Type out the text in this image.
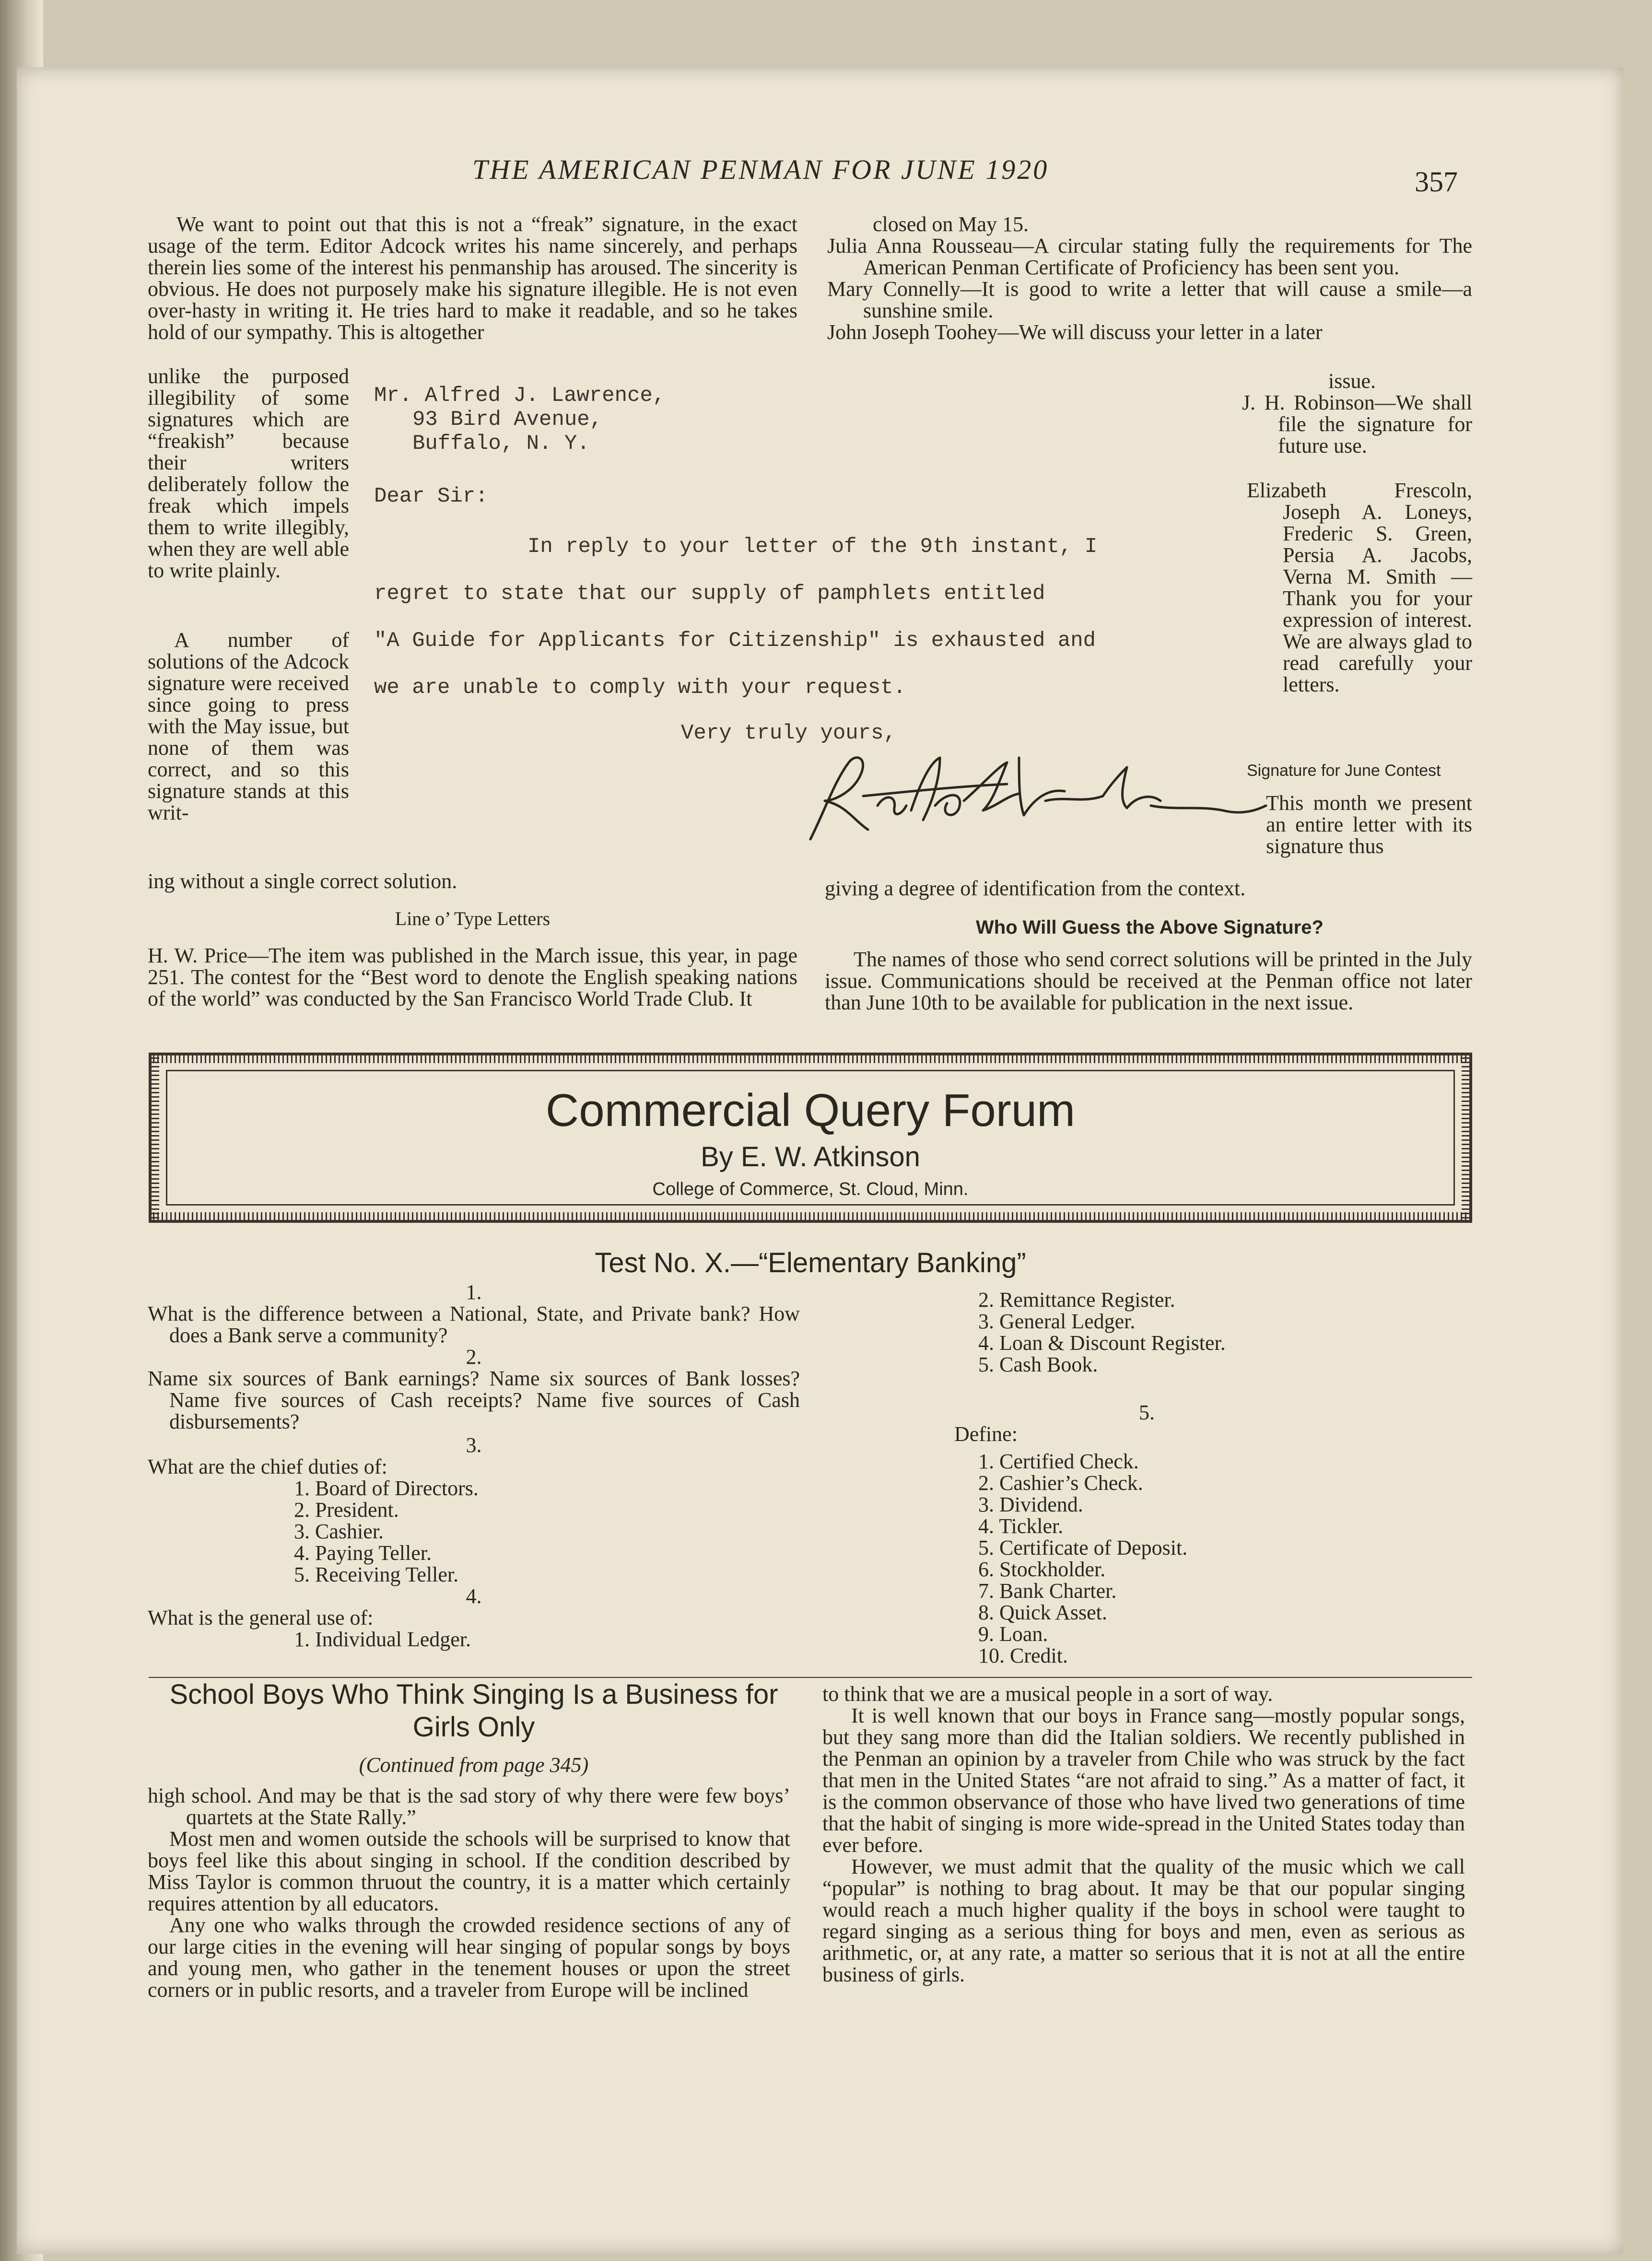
THE AMERICAN PENMAN FOR JUNE 1920	357

We want to point out that this is not a “freak” signature, in the exact usage of the term. Editor Adcock writes his name sincerely, and perhaps therein lies some of the interest his penmanship has aroused. The sincerity is obvious. He does not purposely make his signature illegible. He is not even over-hasty in writing it. He tries hard to make it readable, and so he takes hold of our sympathy. This is altogether

unlike the purposed illegibility of some signatures which are “freakish” because their writers deliberately follow the freak which impels them to write illegibly, when they are well able to write plainly.

A number of solutions of the Adcock signature were received since going to press with the May issue, but none of them was correct, and so this signature stands at this writ-

ing without a single correct solution.

Mr. Alfred J. Lawrence,
93 Bird Avenue,
Buffalo, N. Y.
Dear Sir:
In reply to your letter of the 9th instant, I
regret to state that our supply of pamphlets entitled
"A Guide for Applicants for Citizenship" is exhausted and
we are unable to comply with your request.
Very truly yours,
Line o’ Type Letters

H. W. Price—The item was published in the March issue, this year, in page 251. The contest for the “Best word to denote the English speaking nations of the world” was conducted by the San Francisco World Trade Club. It

closed on May 15.

Julia Anna Rousseau—A circular stating fully the requirements for The American Penman Certificate of Proficiency has been sent you.

Mary Connelly—It is good to write a letter that will cause a smile—a sunshine smile.

John Joseph Toohey—We will discuss your letter in a later

issue.

J. H. Robinson—We shall file the signature for future use.

Elizabeth Frescoln, Joseph A. Loneys, Frederic S. Green, Persia A. Jacobs, Verna M. Smith — Thank you for your expression of interest. We are always glad to read carefully your letters.

Signature for June Contest

This month we present an entire letter with its signature thus

giving a degree of identification from the context.

Who Will Guess the Above Signature?

The names of those who send correct solutions will be printed in the July issue. Communications should be received at the Penman office not later than June 10th to be available for publication in the next issue.

Commercial Query Forum
By E. W. Atkinson
College of Commerce, St. Cloud, Minn.
Test No. X.—“Elementary Banking”
1.

What is the difference between a National, State, and Private bank? How does a Bank serve a community?

2.

Name six sources of Bank earnings? Name six sources of Bank losses? Name five sources of Cash receipts? Name five sources of Cash disbursements?

3.

What are the chief duties of:

1. Board of Directors.
2. President.
3. Cashier.
4. Paying Teller.
5. Receiving Teller.
4.

What is the general use of:

1. Individual Ledger.
2. Remittance Register.
3. General Ledger.
4. Loan & Discount Register.
5. Cash Book.
5.

Define:

1. Certified Check.
2. Cashier’s Check.
3. Dividend.
4. Tickler.
5. Certificate of Deposit.
6. Stockholder.
7. Bank Charter.
8. Quick Asset.
9. Loan.
10. Credit.
School Boys Who Think Singing Is a Business for Girls Only
(Continued from page 345)

high school. And may be that is the sad story of why there were few boys’ quartets at the State Rally.”

Most men and women outside the schools will be surprised to know that boys feel like this about singing in school. If the condition described by Miss Taylor is common thruout the country, it is a matter which certainly requires attention by all educators.

Any one who walks through the crowded residence sections of any of our large cities in the evening will hear singing of popular songs by boys and young men, who gather in the tenement houses or upon the street corners or in public resorts, and a traveler from Europe will be inclined

to think that we are a musical people in a sort of way.

It is well known that our boys in France sang—mostly popular songs, but they sang more than did the Italian soldiers. We recently published in the Penman an opinion by a traveler from Chile who was struck by the fact that men in the United States “are not afraid to sing.” As a matter of fact, it is the common observance of those who have lived two generations of time that the habit of singing is more wide-spread in the United States today than ever before.

However, we must admit that the quality of the music which we call “popular” is nothing to brag about. It may be that our popular singing would reach a much higher quality if the boys in school were taught to regard singing as a serious thing for boys and men, even as serious as arithmetic, or, at any rate, a matter so serious that it is not at all the entire business of girls.
